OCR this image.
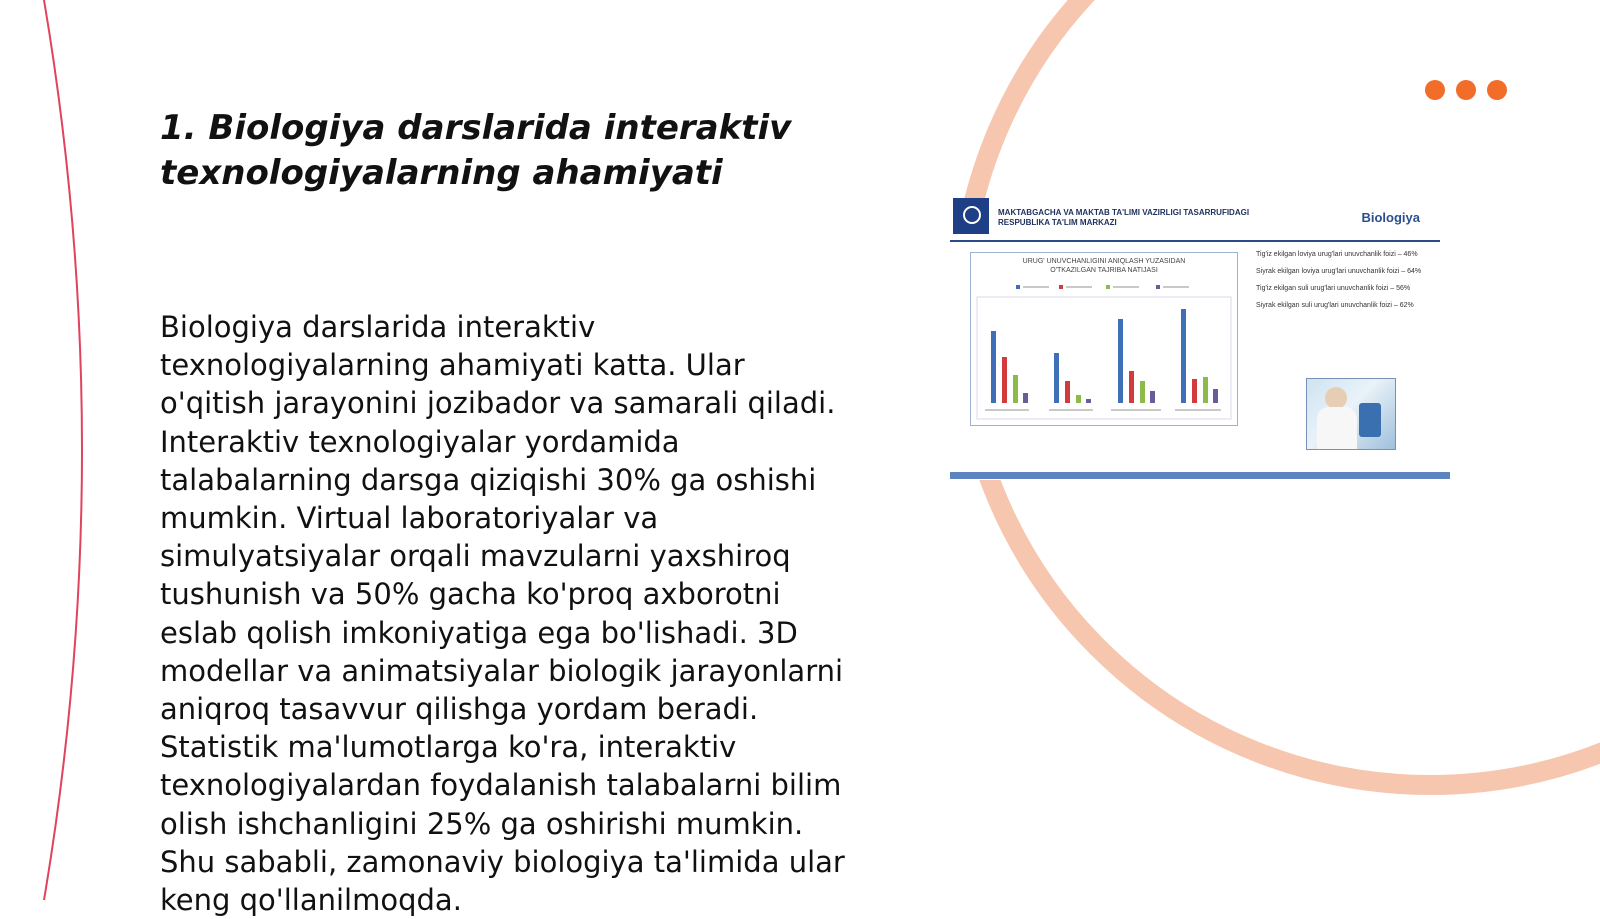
1. Biologiya darslarida interaktiv texnologiyalarning ahamiyati

Biologiya darslarida interaktiv texnologiyalarning ahamiyati katta. Ular o'qitish jarayonini jozibador va samarali qiladi. Interaktiv texnologiyalar yordamida talabalarning darsga qiziqishi 30% ga oshishi mumkin. Virtual laboratoriyalar va simulyatsiyalar orqali mavzularni yaxshiroq tushunish va 50% gacha ko'proq axborotni eslab qolish imkoniyatiga ega bo'lishadi. 3D modellar va animatsiyalar biologik jarayonlarni aniqroq tasavvur qilishga yordam beradi. Statistik ma'lumotlarga ko'ra, interaktiv texnologiyalardan foydalanish talabalarni bilim olish ishchanligini 25% ga oshirishi mumkin. Shu sababli, zamonaviy biologiya ta'limida ular keng qo'llanilmoqda.

MAKTABGACHA VA MAKTAB TA'LIMI VAZIRLIGI TASARRUFIDAGI
RESPUBLIKA TA'LIM MARKAZI	Biologiya
URUG' UNUVCHANLIGINI ANIQLASH YUZASIDAN
O'TKAZILGAN TAJRIBA NATIJASI
Tig'iz ekilgan loviya urug'lari unuvchanlik foizi – 46%
Siyrak ekilgan loviya urug'lari unuvchanlik foizi – 64%
Tig'iz ekilgan suli urug'lari unuvchanlik foizi – 56%
Siyrak ekilgan suli urug'lari unuvchanlik foizi – 62%
